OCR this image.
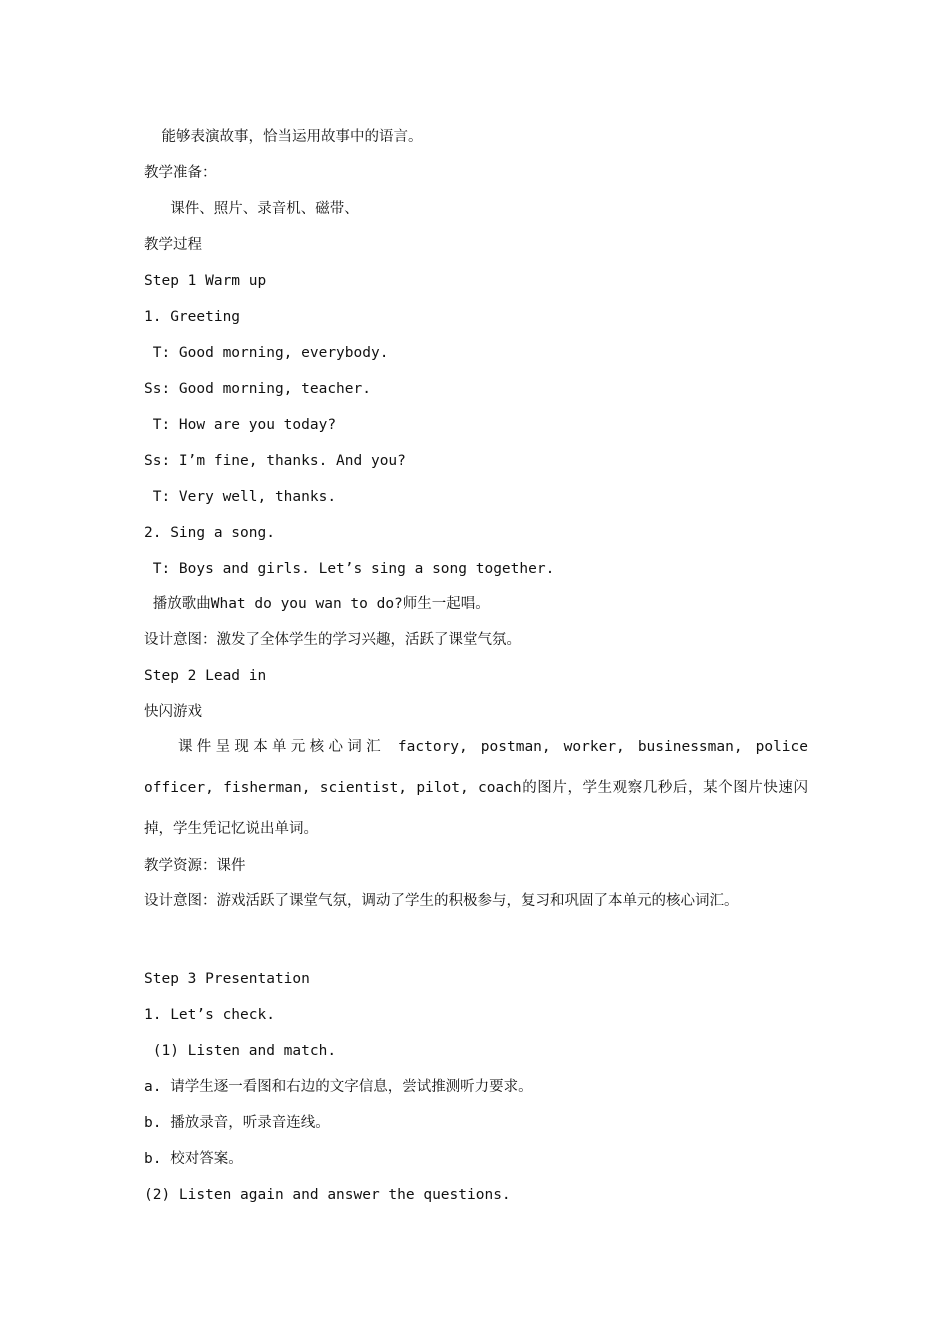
能够表演故事，恰当运用故事中的语言。
教学准备：
课件、照片、录音机、磁带、
教学过程
Step 1 Warm up
1. Greeting
T: Good morning, everybody.
Ss: Good morning, teacher.
T: How are you today?
Ss: I’m fine, thanks. And you?
T: Very well, thanks.
2. Sing a song.
T: Boys and girls. Let’s sing a song together.
播放歌曲What do you wan to do?师生一起唱。
设计意图：激发了全体学生的学习兴趣，活跃了课堂气氛。
Step 2 Lead in
快闪游戏
课件呈现本单元核心词汇 factory, postman, worker, businessman, police officer, fisherman, scientist, pilot, coach的图片，学生观察几秒后，某个图片快速闪掉，学生凭记忆说出单词。
教学资源：课件
设计意图：游戏活跃了课堂气氛，调动了学生的积极参与，复习和巩固了本单元的核心词汇。
Step 3 Presentation
1. Let’s check.
(1) Listen and match.
a. 请学生逐一看图和右边的文字信息，尝试推测听力要求。
b. 播放录音，听录音连线。
b. 校对答案。
(2) Listen again and answer the questions.
